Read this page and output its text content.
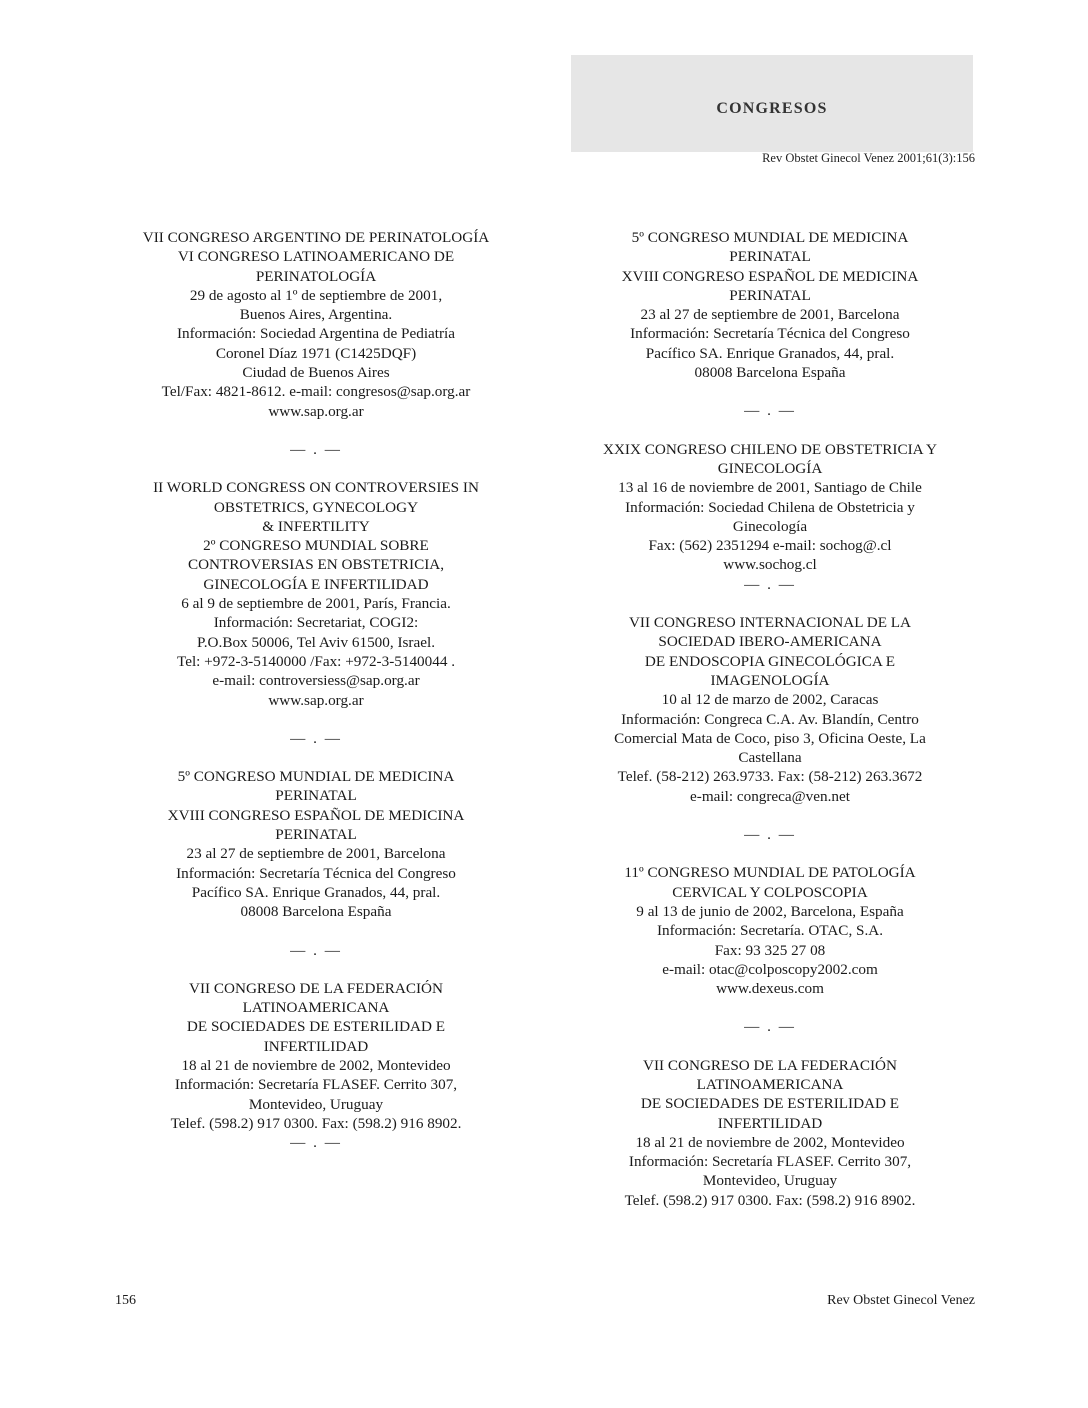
CONGRESOS
Rev Obstet Ginecol Venez 2001;61(3):156
VII CONGRESO ARGENTINO DE PERINATOLOGÍA
VI CONGRESO LATINOAMERICANO DE
PERINATOLOGÍA
29 de agosto al 1º de septiembre de 2001,
Buenos Aires, Argentina.
Información: Sociedad Argentina de Pediatría
Coronel Díaz 1971 (C1425DQF)
Ciudad de Buenos Aires
Tel/Fax: 4821-8612. e-mail: congresos@sap.org.ar
www.sap.org.ar
— . —
II WORLD CONGRESS ON CONTROVERSIES IN
OBSTETRICS, GYNECOLOGY
& INFERTILITY
2º CONGRESO MUNDIAL SOBRE
CONTROVERSIAS EN OBSTETRICIA,
GINECOLOGÍA E INFERTILIDAD
6 al 9 de septiembre de 2001, París, Francia.
Información: Secretariat, COGI2:
P.O.Box 50006, Tel Aviv 61500, Israel.
Tel: +972-3-5140000 /Fax: +972-3-5140044 .
e-mail: controversiess@sap.org.ar
www.sap.org.ar
— . —
5º CONGRESO MUNDIAL DE MEDICINA
PERINATAL
XVIII CONGRESO ESPAÑOL DE MEDICINA
PERINATAL
23 al 27 de septiembre de 2001, Barcelona
Información: Secretaría Técnica del Congreso
Pacífico SA. Enrique Granados, 44, pral.
08008 Barcelona España
— . —
VII CONGRESO DE LA FEDERACIÓN
LATINOAMERICANA
DE SOCIEDADES DE ESTERILIDAD E
INFERTILIDAD
18 al 21 de noviembre de 2002, Montevideo
Información: Secretaría FLASEF. Cerrito 307,
Montevideo, Uruguay
Telef. (598.2) 917 0300. Fax: (598.2) 916 8902.
— . —
5º CONGRESO MUNDIAL DE MEDICINA
PERINATAL
XVIII CONGRESO ESPAÑOL DE MEDICINA
PERINATAL
23 al 27 de septiembre de 2001, Barcelona
Información: Secretaría Técnica del Congreso
Pacífico SA. Enrique Granados, 44, pral.
08008 Barcelona España
— . —
XXIX CONGRESO CHILENO DE OBSTETRICIA Y
GINECOLOGÍA
13 al 16 de noviembre de 2001, Santiago de Chile
Información: Sociedad Chilena de Obstetricia y
Ginecología
Fax: (562) 2351294 e-mail: sochog@.cl
www.sochog.cl
— . —
VII CONGRESO INTERNACIONAL DE LA
SOCIEDAD IBERO-AMERICANA
DE ENDOSCOPIA GINECOLÓGICA E
IMAGENOLOGÍA
10 al 12 de marzo de 2002, Caracas
Información: Congreca C.A. Av. Blandín, Centro
Comercial Mata de Coco, piso 3, Oficina Oeste, La
Castellana
Telef. (58-212) 263.9733. Fax: (58-212) 263.3672
e-mail: congreca@ven.net
— . —
11º CONGRESO MUNDIAL DE PATOLOGÍA
CERVICAL Y COLPOSCOPIA
9 al 13 de junio de 2002, Barcelona, España
Información: Secretaría. OTAC, S.A.
Fax: 93 325 27 08
e-mail: otac@colposcopy2002.com
www.dexeus.com
— . —
VII CONGRESO DE LA FEDERACIÓN
LATINOAMERICANA
DE SOCIEDADES DE ESTERILIDAD E
INFERTILIDAD
18 al 21 de noviembre de 2002, Montevideo
Información: Secretaría FLASEF. Cerrito 307,
Montevideo, Uruguay
Telef. (598.2) 917 0300. Fax: (598.2) 916 8902.
156	Rev Obstet Ginecol Venez
